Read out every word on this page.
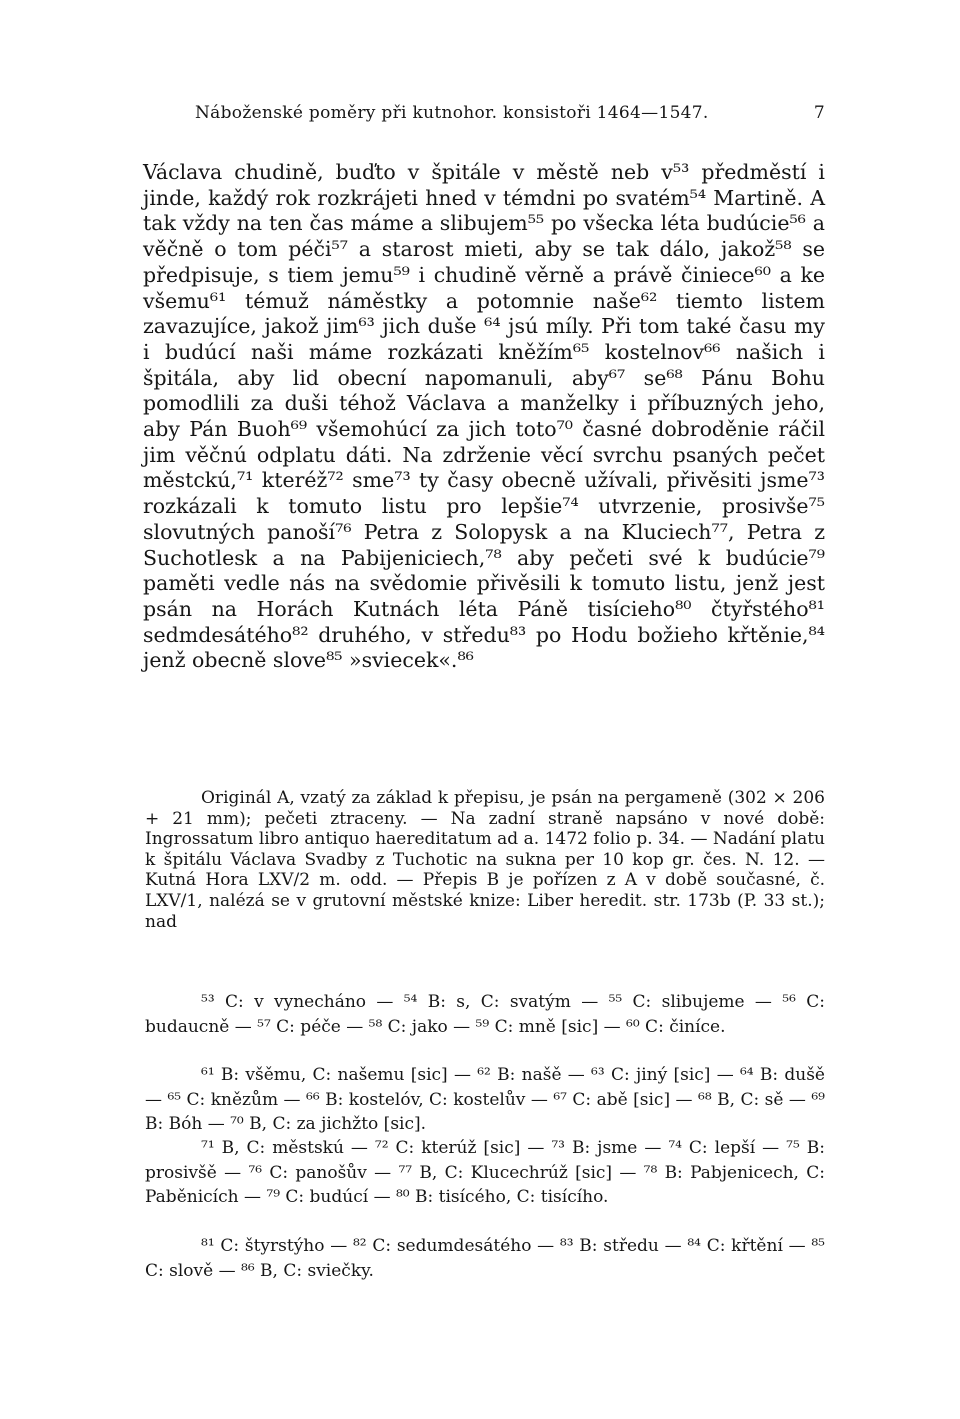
Náboženské poměry při kutnohor. konsistoři 1464—1547.	7

Václava chudině, buďto v špitále v městě neb v⁵³ předměstí i jinde, každý rok rozkrájeti hned v témdni po svatém⁵⁴ Martině. A tak vždy na ten čas máme a slibujem⁵⁵ po všecka léta budúcie⁵⁶ a věčně o tom péči⁵⁷ a starost mieti, aby se tak dálo, jakož⁵⁸ se předpisuje, s tiem jemu⁵⁹ i chudině věrně a právě činiece⁶⁰ a ke všemu⁶¹ témuž náměstky a potomnie naše⁶² tiemto listem zavazujíce, jakož jim⁶³ jich duše ⁶⁴ jsú míly. Při tom také času my i budúcí naši máme rozkázati kněžím⁶⁵ kostelnov⁶⁶ našich i špitála, aby lid obecní napomanuli, aby⁶⁷ se⁶⁸ Pánu Bohu pomodlili za duši téhož Václava a manželky i příbuzných jeho, aby Pán Buoh⁶⁹ všemohúcí za jich toto⁷⁰ časné dobroděnie ráčil jim věčnú odplatu dáti. Na zdrženie věcí svrchu psaných pečet městckú,⁷¹ kteréž⁷² sme⁷³ ty časy obecně užívali, přivěsiti jsme⁷³ rozkázali k tomuto listu pro lepšie⁷⁴ utvrzenie, prosivše⁷⁵ slovutných panoší⁷⁶ Petra z Solopysk a na Kluciech⁷⁷, Petra z Suchotlesk a na Pabijeniciech,⁷⁸ aby pečeti své k budúcie⁷⁹ paměti vedle nás na svědomie přivěsili k tomuto listu, jenž jest psán na Horách Kutnách léta Páně tisícieho⁸⁰ čtyřstého⁸¹ sedmdesátého⁸² druhého, v středu⁸³ po Hodu božieho křtěnie,⁸⁴ jenž obecně slove⁸⁵ »sviecek«.⁸⁶

Originál A, vzatý za základ k přepisu, je psán na pergameně (302 × 206 + 21 mm); pečeti ztraceny. — Na zadní straně napsáno v nové době: Ingrossatum libro antiquo haereditatum ad a. 1472 folio p. 34. — Nadání platu k špitálu Václava Svadby z Tuchotic na sukna per 10 kop gr. čes. N. 12. — Kutná Hora LXV/2 m. odd. — Přepis B je pořízen z A v době současné, č. LXV/1, nalézá se v grutovní městské knize: Liber heredit. str. 173b (P. 33 st.); nad

⁵³ C: v vynecháno — ⁵⁴ B: s, C: svatým — ⁵⁵ C: slibujeme — ⁵⁶ C: budaucně — ⁵⁷ C: péče — ⁵⁸ C: jako — ⁵⁹ C: mně [sic] — ⁶⁰ C: činíce.

⁶¹ B: všěmu, C: našemu [sic] — ⁶² B: našě — ⁶³ C: jiný [sic] — ⁶⁴ B: dušě — ⁶⁵ C: knězům — ⁶⁶ B: kostelóv, C: kostelův — ⁶⁷ C: abě [sic] — ⁶⁸ B, C: sě — ⁶⁹ B: Bóh — ⁷⁰ B, C: za jichžto [sic].

⁷¹ B, C: městskú — ⁷² C: kterúž [sic] — ⁷³ B: jsme — ⁷⁴ C: lepší — ⁷⁵ B: prosivšě — ⁷⁶ C: panošův — ⁷⁷ B, C: Klucechrúž [sic] — ⁷⁸ B: Pabjenicech, C: Paběnicích — ⁷⁹ C: budúcí — ⁸⁰ B: tisícého, C: tisícího.

⁸¹ C: štyrstýho — ⁸² C: sedumdesátého — ⁸³ B: středu — ⁸⁴ C: křtění — ⁸⁵ C: slově — ⁸⁶ B, C: sviečky.
